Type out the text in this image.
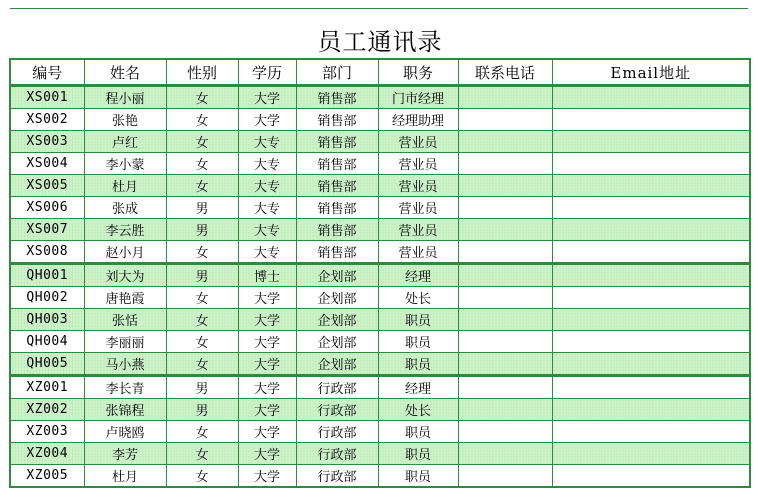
员工通讯录
编号	姓名	性别	学历	部门	职务	联系电话	Email地址
XS001	程小丽	女	大学	销售部	门市经理		
XS002	张艳	女	大学	销售部	经理助理		
XS003	卢红	女	大专	销售部	营业员		
XS004	李小蒙	女	大专	销售部	营业员		
XS005	杜月	女	大专	销售部	营业员		
XS006	张成	男	大专	销售部	营业员		
XS007	李云胜	男	大专	销售部	营业员		
XS008	赵小月	女	大专	销售部	营业员		
QH001	刘大为	男	博士	企划部	经理		
QH002	唐艳霞	女	大学	企划部	处长		
QH003	张恬	女	大学	企划部	职员		
QH004	李丽丽	女	大学	企划部	职员		
QH005	马小燕	女	大学	企划部	职员		
XZ001	李长青	男	大学	行政部	经理		
XZ002	张锦程	男	大学	行政部	处长		
XZ003	卢晓鸥	女	大学	行政部	职员		
XZ004	李芳	女	大学	行政部	职员		
XZ005	杜月	女	大学	行政部	职员		
